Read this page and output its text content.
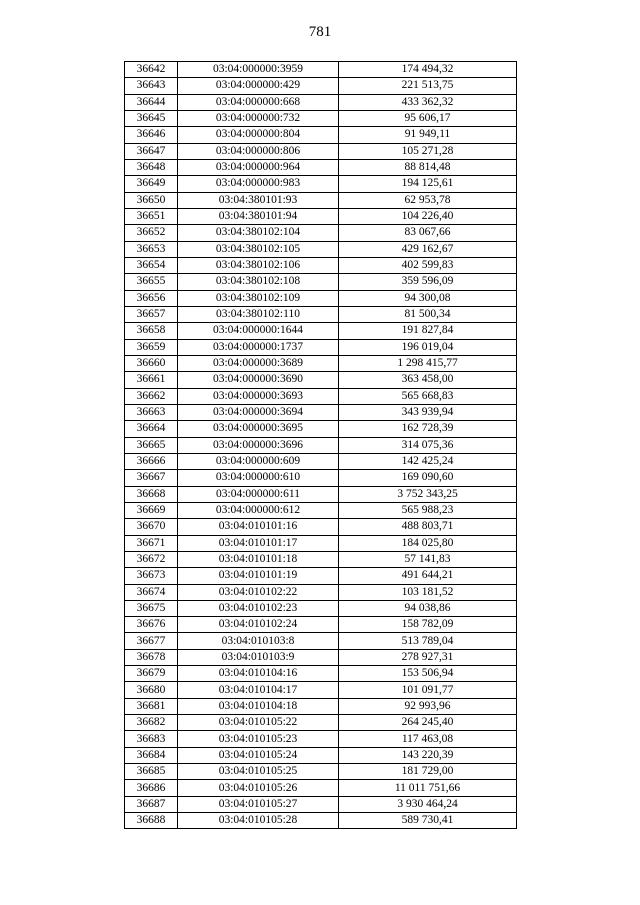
781
36642	03:04:000000:3959	174 494,32
36643	03:04:000000:429	221 513,75
36644	03:04:000000:668	433 362,32
36645	03:04:000000:732	95 606,17
36646	03:04:000000:804	91 949,11
36647	03:04:000000:806	105 271,28
36648	03:04:000000:964	88 814,48
36649	03:04:000000:983	194 125,61
36650	03:04:380101:93	62 953,78
36651	03:04:380101:94	104 226,40
36652	03:04:380102:104	83 067,66
36653	03:04:380102:105	429 162,67
36654	03:04:380102:106	402 599,83
36655	03:04:380102:108	359 596,09
36656	03:04:380102:109	94 300,08
36657	03:04:380102:110	81 500,34
36658	03:04:000000:1644	191 827,84
36659	03:04:000000:1737	196 019,04
36660	03:04:000000:3689	1 298 415,77
36661	03:04:000000:3690	363 458,00
36662	03:04:000000:3693	565 668,83
36663	03:04:000000:3694	343 939,94
36664	03:04:000000:3695	162 728,39
36665	03:04:000000:3696	314 075,36
36666	03:04:000000:609	142 425,24
36667	03:04:000000:610	169 090,60
36668	03:04:000000:611	3 752 343,25
36669	03:04:000000:612	565 988,23
36670	03:04:010101:16	488 803,71
36671	03:04:010101:17	184 025,80
36672	03:04:010101:18	57 141,83
36673	03:04:010101:19	491 644,21
36674	03:04:010102:22	103 181,52
36675	03:04:010102:23	94 038,86
36676	03:04:010102:24	158 782,09
36677	03:04:010103:8	513 789,04
36678	03:04:010103:9	278 927,31
36679	03:04:010104:16	153 506,94
36680	03:04:010104:17	101 091,77
36681	03:04:010104:18	92 993,96
36682	03:04:010105:22	264 245,40
36683	03:04:010105:23	117 463,08
36684	03:04:010105:24	143 220,39
36685	03:04:010105:25	181 729,00
36686	03:04:010105:26	11 011 751,66
36687	03:04:010105:27	3 930 464,24
36688	03:04:010105:28	589 730,41
